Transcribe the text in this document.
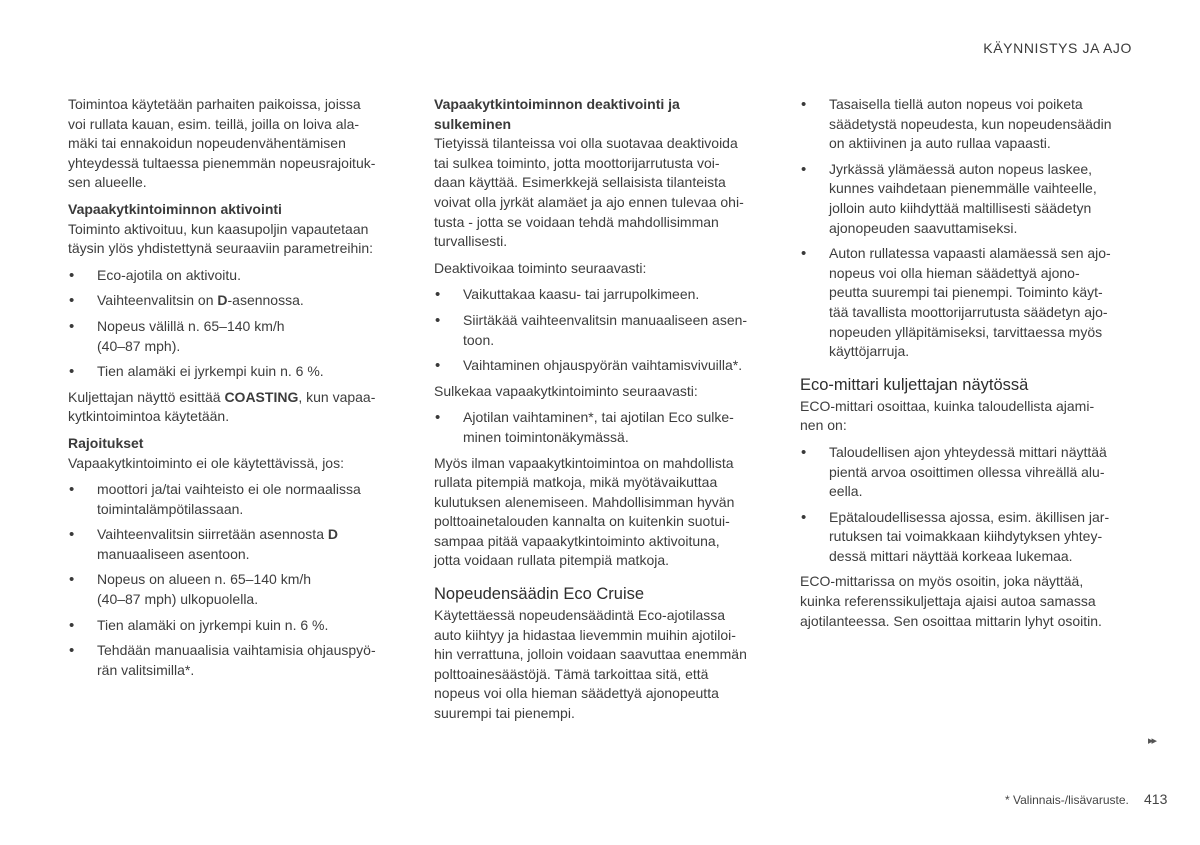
KÄYNNISTYS JA AJO

Toimintoa käytetään parhaiten paikoissa, joissa
voi rullata kauan, esim. teillä, joilla on loiva ala-
mäki tai ennakoidun nopeudenvähentämisen
yhteydessä tultaessa pienemmän nopeusrajoituk-
sen alueelle.

Vapaakytkintoiminnon aktivointi

Toiminto aktivoituu, kun kaasupoljin vapautetaan
täysin ylös yhdistettynä seuraaviin parametreihin:

• Eco-ajotila on aktivoitu.
• Vaihteenvalitsin on D-asennossa.
• Nopeus välillä n. 65–140 km/h
(40–87 mph).
• Tien alamäki ei jyrkempi kuin n. 6 %.

Kuljettajan näyttö esittää COASTING, kun vapaa-
kytkintoimintoa käytetään.

Rajoitukset

Vapaakytkintoiminto ei ole käytettävissä, jos:

• moottori ja/tai vaihteisto ei ole normaalissa
toimintalämpötilassaan.
• Vaihteenvalitsin siirretään asennosta D
manuaaliseen asentoon.
• Nopeus on alueen n. 65–140 km/h
(40–87 mph) ulkopuolella.
• Tien alamäki on jyrkempi kuin n. 6 %.
• Tehdään manuaalisia vaihtamisia ohjauspyö-
rän valitsimilla*.
Vapaakytkintoiminnon deaktivointi ja
sulkeminen

Tietyissä tilanteissa voi olla suotavaa deaktivoida
tai sulkea toiminto, jotta moottorijarrutusta voi-
daan käyttää. Esimerkkejä sellaisista tilanteista
voivat olla jyrkät alamäet ja ajo ennen tulevaa ohi-
tusta - jotta se voidaan tehdä mahdollisimman
turvallisesti.

Deaktivoikaa toiminto seuraavasti:

• Vaikuttakaa kaasu- tai jarrupolkimeen.
• Siirtäkää vaihteenvalitsin manuaaliseen asen-
toon.
• Vaihtaminen ohjauspyörän vaihtamisvivuilla*.

Sulkekaa vapaakytkintoiminto seuraavasti:

• Ajotilan vaihtaminen*, tai ajotilan Eco sulke-
minen toimintonäkymässä.

Myös ilman vapaakytkintoimintoa on mahdollista
rullata pitempiä matkoja, mikä myötävaikuttaa
kulutuksen alenemiseen. Mahdollisimman hyvän
polttoainetalouden kannalta on kuitenkin suotui-
sampaa pitää vapaakytkintoiminto aktivoituna,
jotta voidaan rullata pitempiä matkoja.

Nopeudensäädin Eco Cruise

Käytettäessä nopeudensäädintä Eco-ajotilassa
auto kiihtyy ja hidastaa lievemmin muihin ajotiloi-
hin verrattuna, jolloin voidaan saavuttaa enemmän
polttoainesäästöjä. Tämä tarkoittaa sitä, että
nopeus voi olla hieman säädettyä ajonopeutta
suurempi tai pienempi.

• Tasaisella tiellä auton nopeus voi poiketa
säädetystä nopeudesta, kun nopeudensäädin
on aktiivinen ja auto rullaa vapaasti.
• Jyrkässä ylämäessä auton nopeus laskee,
kunnes vaihdetaan pienemmälle vaihteelle,
jolloin auto kiihdyttää maltillisesti säädetyn
ajonopeuden saavuttamiseksi.
• Auton rullatessa vapaasti alamäessä sen ajo-
nopeus voi olla hieman säädettyä ajono-
peutta suurempi tai pienempi. Toiminto käyt-
tää tavallista moottorijarrutusta säädetyn ajo-
nopeuden ylläpitämiseksi, tarvittaessa myös
käyttöjarruja.
Eco-mittari kuljettajan näytössä

ECO-mittari osoittaa, kuinka taloudellista ajami-
nen on:

• Taloudellisen ajon yhteydessä mittari näyttää
pientä arvoa osoittimen ollessa vihreällä alu-
eella.
• Epätaloudellisessa ajossa, esim. äkillisen jar-
rutuksen tai voimakkaan kiihdytyksen yhtey-
dessä mittari näyttää korkeaa lukemaa.

ECO-mittarissa on myös osoitin, joka näyttää,
kuinka referenssikuljettaja ajaisi autoa samassa
ajotilanteessa. Sen osoittaa mittarin lyhyt osoitin.

▸▸
* Valinnais-/lisävaruste. 413
